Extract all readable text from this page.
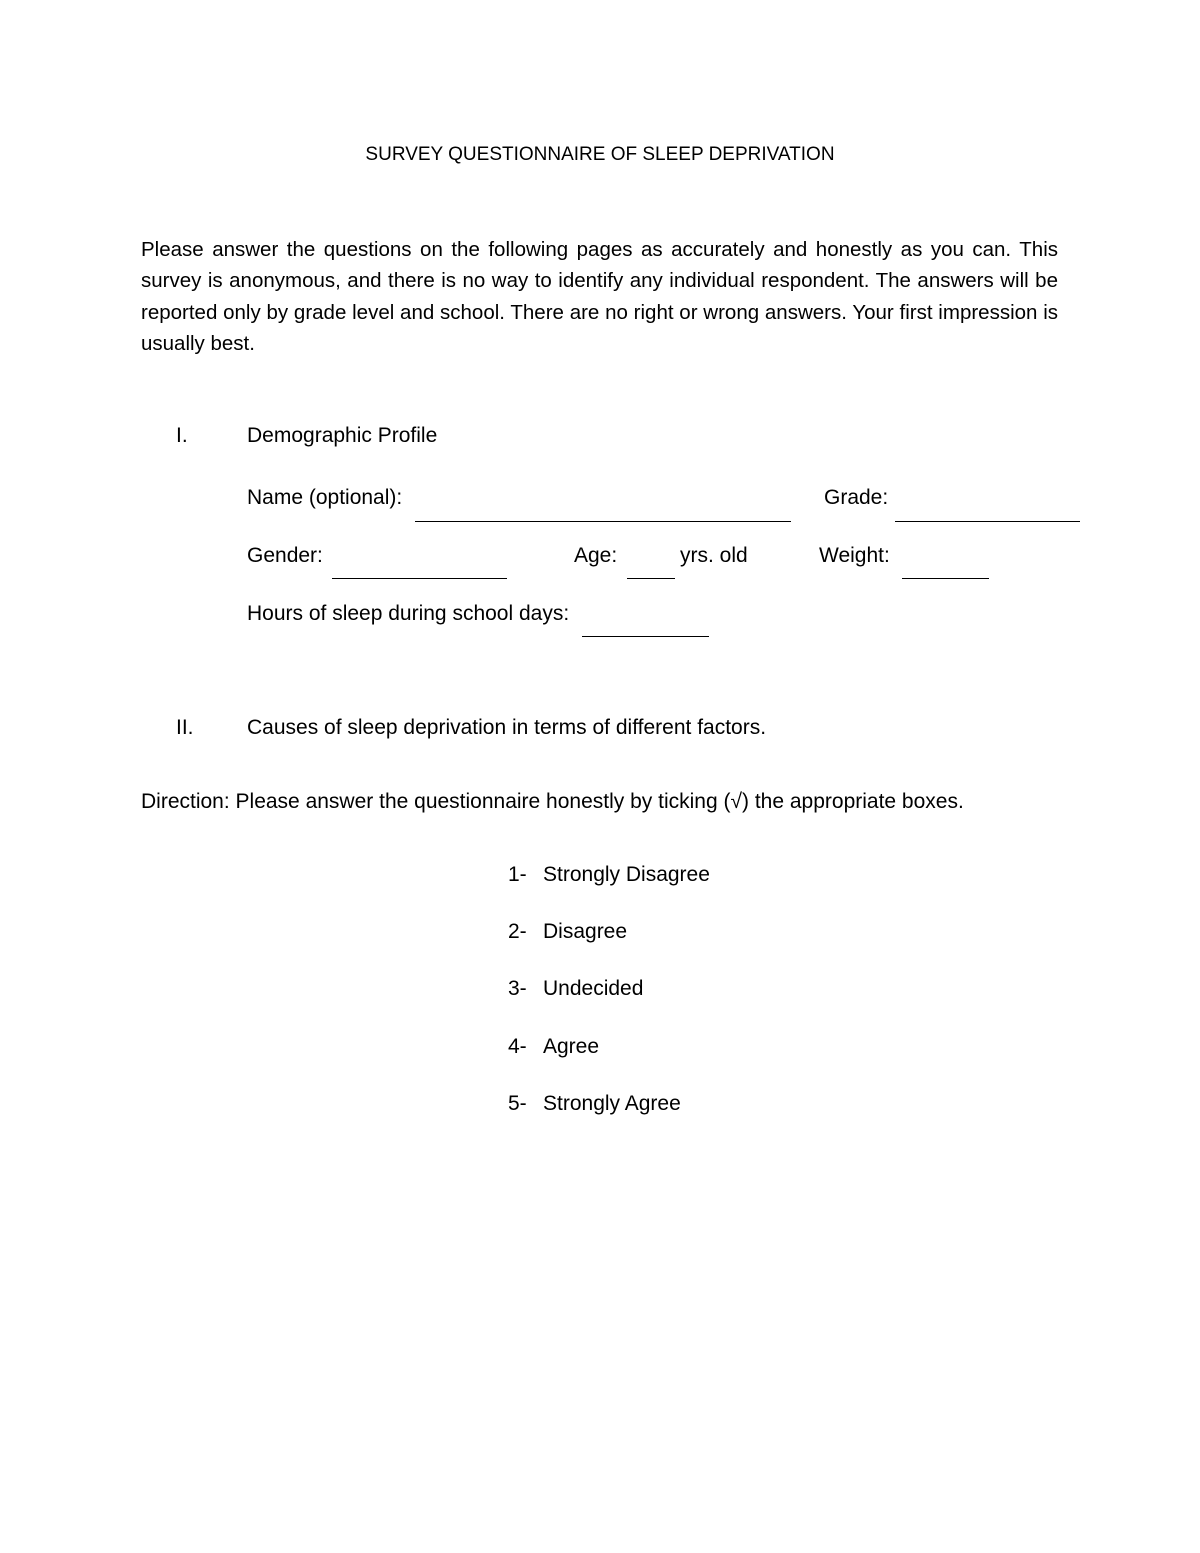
SURVEY QUESTIONNAIRE OF SLEEP DEPRIVATION

Please answer the questions on the following pages as accurately and honestly as you can. This survey is anonymous, and there is no way to identify any individual respondent. The answers will be reported only by grade level and school. There are no right or wrong answers. Your first impression is usually best.

I.	Demographic Profile
Name (optional):	Grade:
Gender:	Age:	yrs. old	Weight:
Hours of sleep during school days:
II.	Causes of sleep deprivation in terms of different factors.
Direction: Please answer the questionnaire honestly by ticking (√) the appropriate boxes.
1- Strongly Disagree
2- Disagree
3- Undecided
4- Agree
5- Strongly Agree
